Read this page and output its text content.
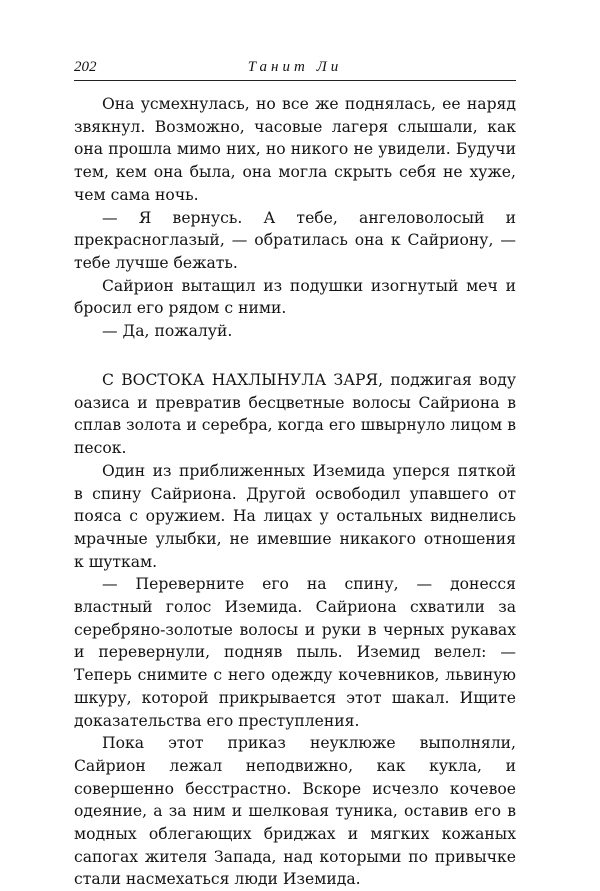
202	Танит Ли

Она усмехнулась, но все же поднялась, ее наряд звякнул. Возможно, часовые лагеря слышали, как она прошла мимо них, но никого не увидели. Будучи тем, кем она была, она могла скрыть себя не хуже, чем сама ночь.

— Я вернусь. А тебе, ангеловолосый и прекрасноглазый, — обратилась она к Сайриону, — тебе лучше бежать.

Сайрион вытащил из подушки изогнутый меч и бросил его рядом с ними.

— Да, пожалуй.

С ВОСТОКА НАХЛЫНУЛА ЗАРЯ, поджигая воду оазиса и превратив бесцветные волосы Сайриона в сплав золота и серебра, когда его швырнуло лицом в песок.

Один из приближенных Иземида уперся пяткой в спину Сайриона. Другой освободил упавшего от пояса с оружием. На лицах у остальных виднелись мрачные улыбки, не имевшие никакого отношения к шуткам.

— Переверните его на спину, — донесся властный голос Иземида. Сайриона схватили за серебряно-золотые волосы и руки в черных рукавах и перевернули, подняв пыль. Иземид велел: — Теперь снимите с него одежду кочевников, львиную шкуру, которой прикрывается этот шакал. Ищите доказательства его преступления.

Пока этот приказ неуклюже выполняли, Сайрион лежал неподвижно, как кукла, и совершенно бесстрастно. Вскоре исчезло кочевое одеяние, а за ним и шелковая туника, оставив его в модных облегающих бриджах и мягких кожаных сапогах жителя Запада, над которыми по привычке стали насмехаться люди Иземида.
